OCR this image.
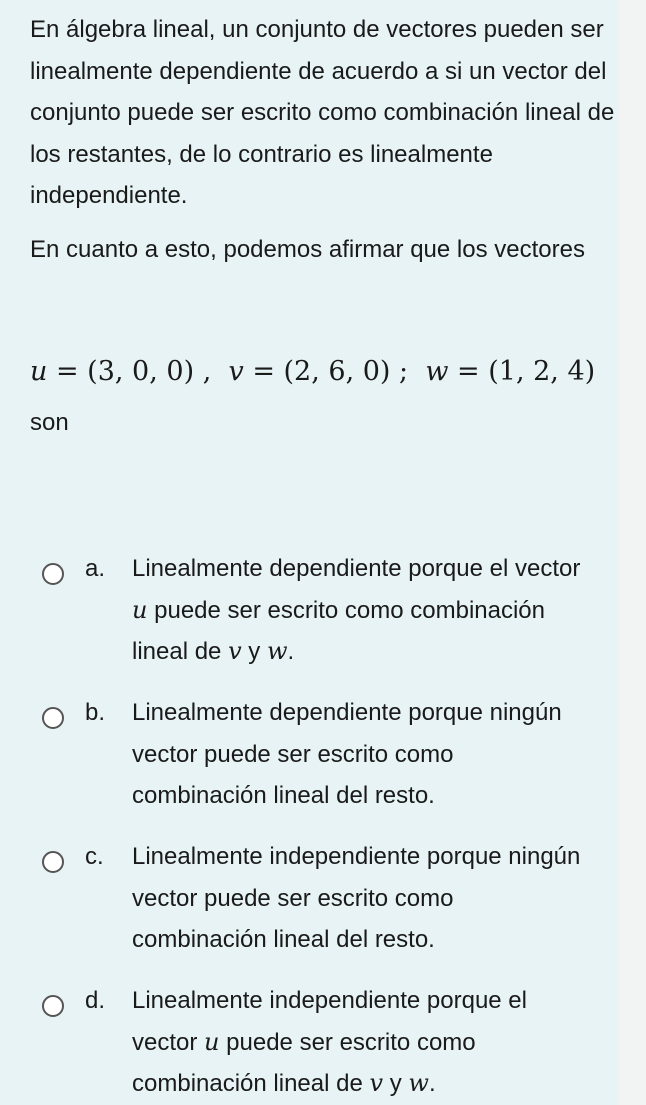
En álgebra lineal, un conjunto de vectores pueden ser linealmente dependiente de acuerdo a si un vector del conjunto puede ser escrito como combinación lineal de los restantes, de lo contrario es linealmente independiente.

En cuanto a esto, podemos afirmar que los vectores

u = (3, 0, 0) ,  v = (2, 6, 0) ;  w = (1, 2, 4)
son
a. Linealmente dependiente porque el vector u puede ser escrito como combinación lineal de v y w.
b. Linealmente dependiente porque ningún vector puede ser escrito como combinación lineal del resto.
c. Linealmente independiente porque ningún vector puede ser escrito como combinación lineal del resto.
d. Linealmente independiente porque el vector u puede ser escrito como combinación lineal de v y w.
